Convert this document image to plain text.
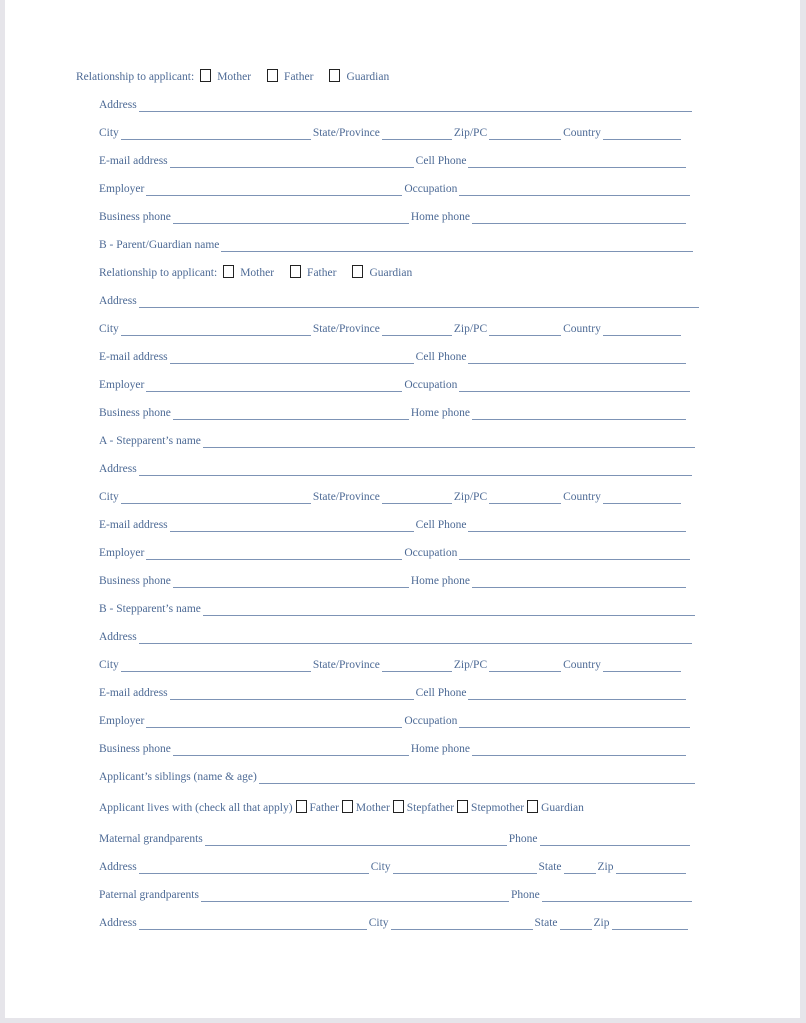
Relationship to applicant: Mother	Father	Guardian
Address
City	State/Province	Zip/PC	Country
E-mail address	Cell Phone
Employer	Occupation
Business phone	Home phone
B - Parent/Guardian name
Relationship to applicant: Mother	Father	Guardian
Address
City	State/Province	Zip/PC	Country
E-mail address	Cell Phone
Employer	Occupation
Business phone	Home phone
A - Stepparent’s name
Address
City	State/Province	Zip/PC	Country
E-mail address	Cell Phone
Employer	Occupation
Business phone	Home phone
B - Stepparent’s name
Address
City	State/Province	Zip/PC	Country
E-mail address	Cell Phone
Employer	Occupation
Business phone	Home phone
Applicant’s siblings (name & age)
Applicant lives with (check all that apply) Father Mother Stepfather Stepmother Guardian
Maternal grandparents	Phone
Address	City	State	Zip
Paternal grandparents	Phone
Address	City	State	Zip
